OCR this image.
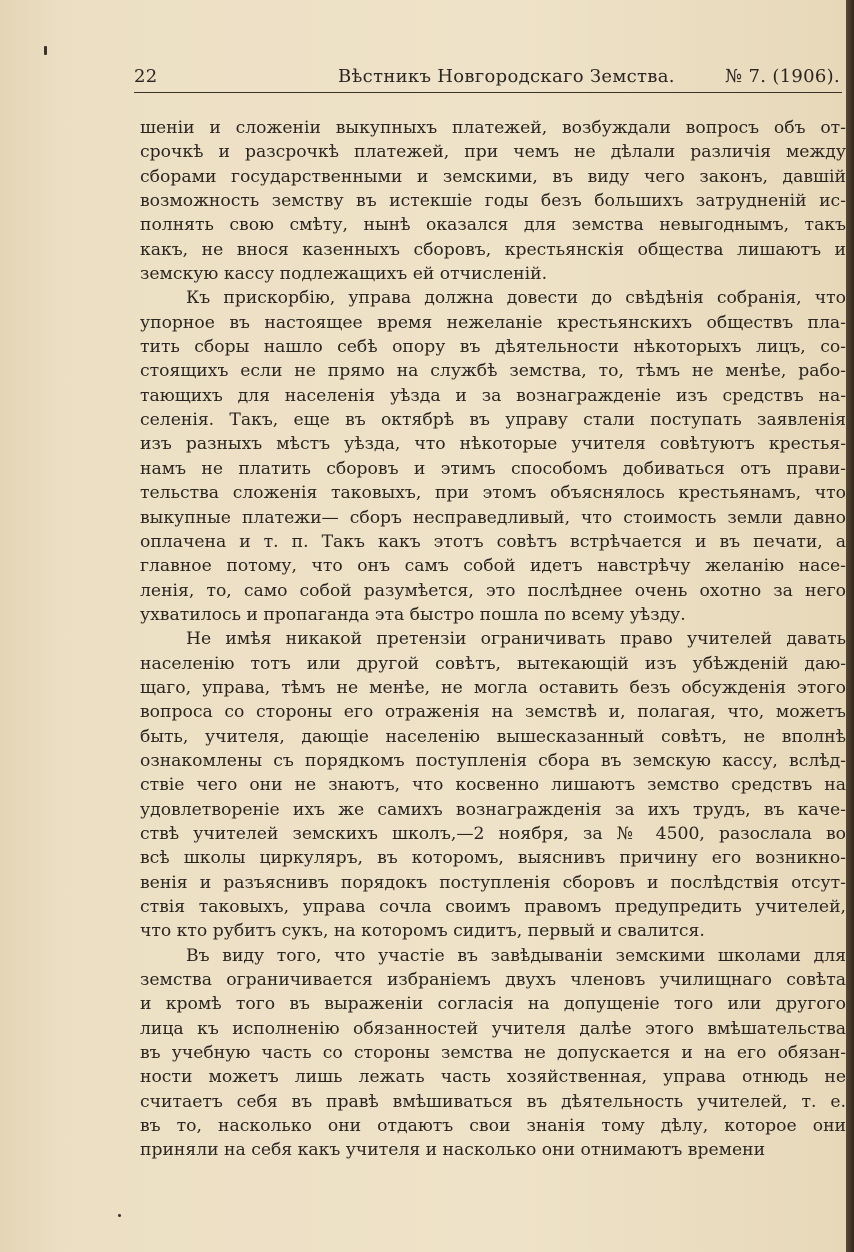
22	Вѣстникъ Новгородскаго Земства.	№ 7. (1906).
шеніи и сложеніи выкупныхъ платежей, возбуждали вопросъ объ от-
срочкѣ и разсрочкѣ платежей, при чемъ не дѣлали различія между
сборами государственными и земскими, въ виду чего законъ, давшій
возможность земству въ истекшіе годы безъ большихъ затрудненій ис-
полнять свою смѣту, нынѣ оказался для земства невыгоднымъ, такъ
какъ, не внося казенныхъ сборовъ, крестьянскія общества лишаютъ и
земскую кассу подлежащихъ ей отчисленій.
Къ прискорбію, управа должна довести до свѣдѣнія собранія, что
упорное въ настоящее время нежеланіе крестьянскихъ обществъ пла-
тить сборы нашло себѣ опору въ дѣятельности нѣкоторыхъ лицъ, со-
стоящихъ если не прямо на службѣ земства, то, тѣмъ не менѣе, рабо-
тающихъ для населенія уѣзда и за вознагражденіе изъ средствъ на-
селенія. Такъ, еще въ октябрѣ въ управу стали поступать заявленія
изъ разныхъ мѣстъ уѣзда, что нѣкоторые учителя совѣтуютъ крестья-
намъ не платить сборовъ и этимъ способомъ добиваться отъ прави-
тельства сложенія таковыхъ, при этомъ объяснялось крестьянамъ, что
выкупные платежи— сборъ несправедливый, что стоимость земли давно
оплачена и т. п. Такъ какъ этотъ совѣтъ встрѣчается и въ печати, а
главное потому, что онъ самъ собой идетъ навстрѣчу желанію насе-
ленія, то, само собой разумѣется, это послѣднее очень охотно за него
ухватилось и пропаганда эта быстро пошла по всему уѣзду.
Не имѣя никакой претензіи ограничивать право учителей давать
населенію тотъ или другой совѣтъ, вытекающій изъ убѣжденій даю-
щаго, управа, тѣмъ не менѣе, не могла оставить безъ обсужденія этого
вопроса со стороны его отраженія на земствѣ и, полагая, что, можетъ
быть, учителя, дающіе населенію вышесказанный совѣтъ, не вполнѣ
ознакомлены съ порядкомъ поступленія сбора въ земскую кассу, вслѣд-
ствіе чего они не знаютъ, что косвенно лишаютъ земство средствъ на
удовлетвореніе ихъ же самихъ вознагражденія за ихъ трудъ, въ каче-
ствѣ учителей земскихъ школъ,—2 ноября, за № 4500, разослала во
всѣ школы циркуляръ, въ которомъ, выяснивъ причину его возникно-
венія и разъяснивъ порядокъ поступленія сборовъ и послѣдствія отсут-
ствія таковыхъ, управа сочла своимъ правомъ предупредить учителей,
что кто рубитъ сукъ, на которомъ сидитъ, первый и свалится.
Въ виду того, что участіе въ завѣдываніи земскими школами для
земства ограничивается избраніемъ двухъ членовъ училищнаго совѣта
и кромѣ того въ выраженіи согласія на допущеніе того или другого
лица къ исполненію обязанностей учителя далѣе этого вмѣшательства
въ учебную часть со стороны земства не допускается и на его обязан-
ности можетъ лишь лежать часть хозяйственная, управа отнюдь не
считаетъ себя въ правѣ вмѣшиваться въ дѣятельность учителей, т. е.
въ то, насколько они отдаютъ свои знанія тому дѣлу, которое они
приняли на себя какъ учителя и насколько они отнимаютъ времени
